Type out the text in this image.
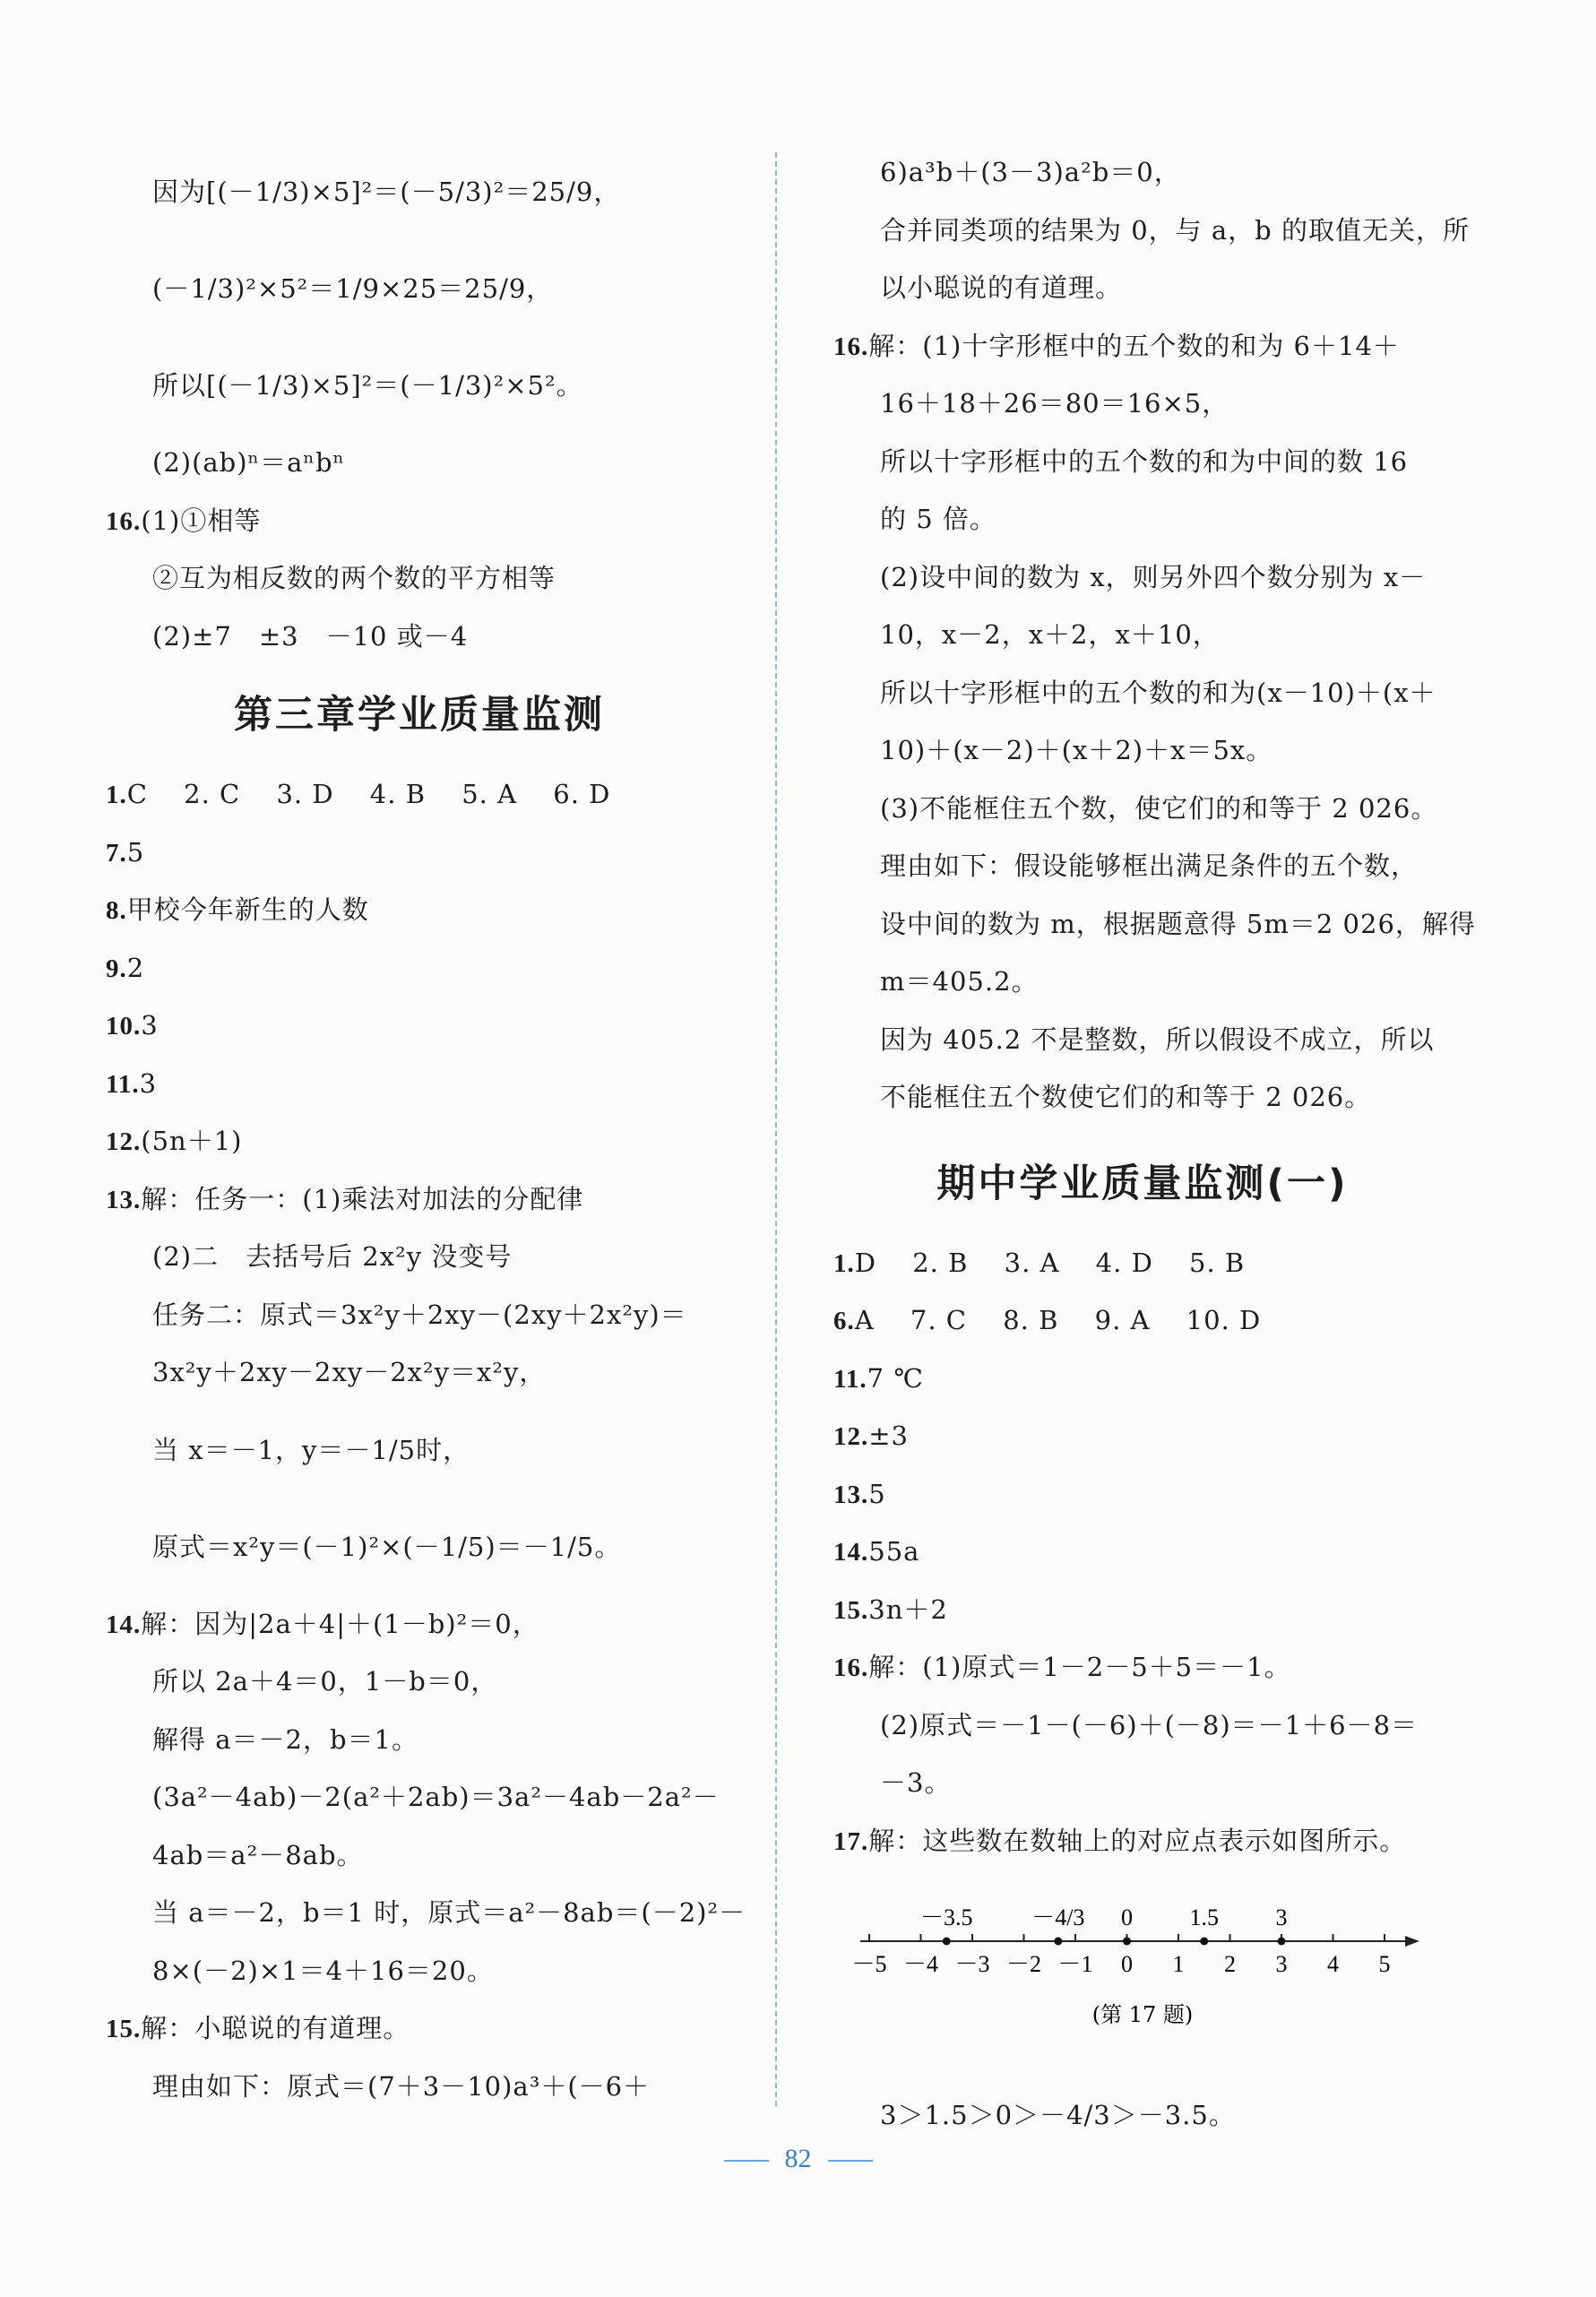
因为[(－1/3)×5]²＝(－5/3)²＝25/9，
(－1/3)²×5²＝1/9×25＝25/9，
所以[(－1/3)×5]²＝(－1/3)²×5²。
(2)(ab)ⁿ＝aⁿbⁿ
16.(1)①相等
②互为相反数的两个数的平方相等
(2)±7　±3　－10 或－4
第三章学业质量监测
1.C　 2. C　 3. D　 4. B　 5. A　 6. D
7.5
8.甲校今年新生的人数
9.2
10.3
11.3
12.(5n＋1)
13.解：任务一：(1)乘法对加法的分配律
(2)二　去括号后 2x²y 没变号
任务二：原式＝3x²y＋2xy－(2xy＋2x²y)＝
3x²y＋2xy－2xy－2x²y＝x²y，
当 x＝－1，y＝－1/5时，
原式＝x²y＝(－1)²×(－1/5)＝－1/5。
14.解：因为|2a＋4|＋(1－b)²＝0，
所以 2a＋4＝0，1－b＝0，
解得 a＝－2，b＝1。
(3a²－4ab)－2(a²＋2ab)＝3a²－4ab－2a²－
4ab＝a²－8ab。
当 a＝－2，b＝1 时，原式＝a²－8ab＝(－2)²－
8×(－2)×1＝4＋16＝20。
15.解：小聪说的有道理。
理由如下：原式＝(7＋3－10)a³＋(－6＋
6)a³b＋(3－3)a²b＝0，
合并同类项的结果为 0，与 a，b 的取值无关，所
以小聪说的有道理。
16.解：(1)十字形框中的五个数的和为 6＋14＋
16＋18＋26＝80＝16×5，
所以十字形框中的五个数的和为中间的数 16
的 5 倍。
(2)设中间的数为 x，则另外四个数分别为 x－
10，x－2，x＋2，x＋10，
所以十字形框中的五个数的和为(x－10)＋(x＋
10)＋(x－2)＋(x＋2)＋x＝5x。
(3)不能框住五个数，使它们的和等于 2 026。
理由如下：假设能够框出满足条件的五个数，
设中间的数为 m，根据题意得 5m＝2 026，解得
m＝405.2。
因为 405.2 不是整数，所以假设不成立，所以
不能框住五个数使它们的和等于 2 026。
期中学业质量监测(一)
1.D　 2. B　 3. A　 4. D　 5. B
6.A　 7. C　 8. B　 9. A　 10. D
11.7 ℃
12.±3
13.5
14.55a
15.3n＋2
16.解：(1)原式＝1－2－5＋5＝－1。
(2)原式＝－1－(－6)＋(－8)＝－1＋6－8＝
－3。
17.解：这些数在数轴上的对应点表示如图所示。
－5 －4 －3 －2 －1 0 1 2 3 4 5
－3.5	－4/3 0 1.5 3
(第 17 题)
3＞1.5＞0＞－4/3＞－3.5。
82
